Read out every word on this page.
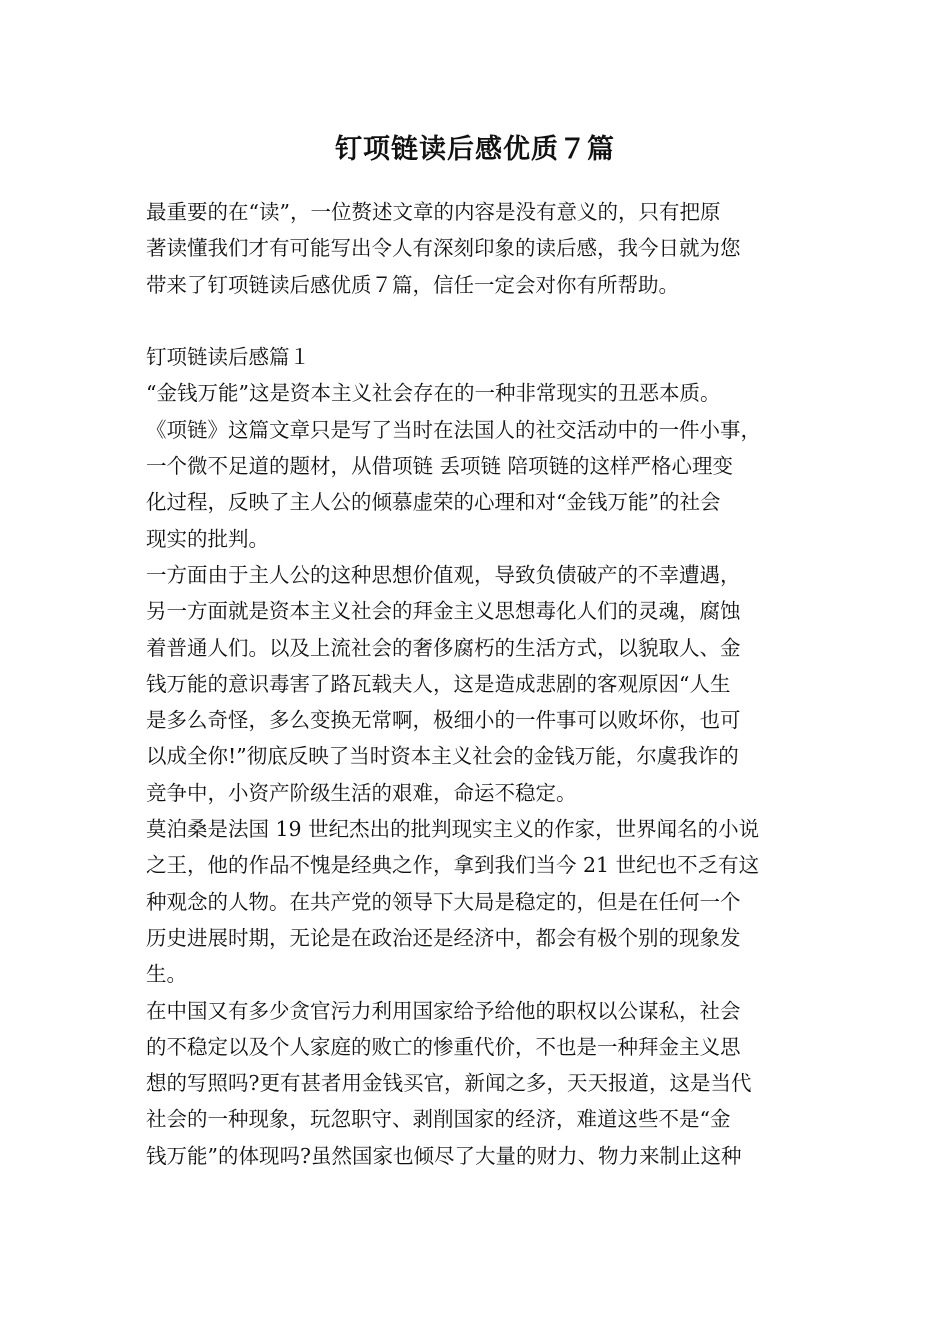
钉项链读后感优质７篇
最重要的在“读”，一位赘述文章的内容是没有意义的，只有把原
著读懂我们才有可能写出令人有深刻印象的读后感，我今日就为您
带来了钉项链读后感优质７篇，信任一定会对你有所帮助。
钉项链读后感篇１
“金钱万能”这是资本主义社会存在的一种非常现实的丑恶本质。
《项链》这篇文章只是写了当时在法国人的社交活动中的一件小事，
一个微不足道的题材，从借项链 丢项链 陪项链的这样严格心理变
化过程，反映了主人公的倾慕虚荣的心理和对“金钱万能”的社会
现实的批判。
一方面由于主人公的这种思想价值观，导致负债破产的不幸遭遇，
另一方面就是资本主义社会的拜金主义思想毒化人们的灵魂，腐蚀
着普通人们。以及上流社会的奢侈腐朽的生活方式，以貌取人、金
钱万能的意识毒害了路瓦载夫人，这是造成悲剧的客观原因“人生
是多么奇怪，多么变换无常啊，极细小的一件事可以败坏你，也可
以成全你!”彻底反映了当时资本主义社会的金钱万能，尔虞我诈的
竞争中，小资产阶级生活的艰难，命运不稳定。
莫泊桑是法国 19 世纪杰出的批判现实主义的作家，世界闻名的小说
之王，他的作品不愧是经典之作，拿到我们当今 21 世纪也不乏有这
种观念的人物。在共产党的领导下大局是稳定的，但是在任何一个
历史进展时期，无论是在政治还是经济中，都会有极个别的现象发
生。
在中国又有多少贪官污力利用国家给予给他的职权以公谋私，社会
的不稳定以及个人家庭的败亡的惨重代价，不也是一种拜金主义思
想的写照吗?更有甚者用金钱买官，新闻之多，天天报道，这是当代
社会的一种现象，玩忽职守、剥削国家的经济，难道这些不是“金
钱万能”的体现吗?虽然国家也倾尽了大量的财力、物力来制止这种
